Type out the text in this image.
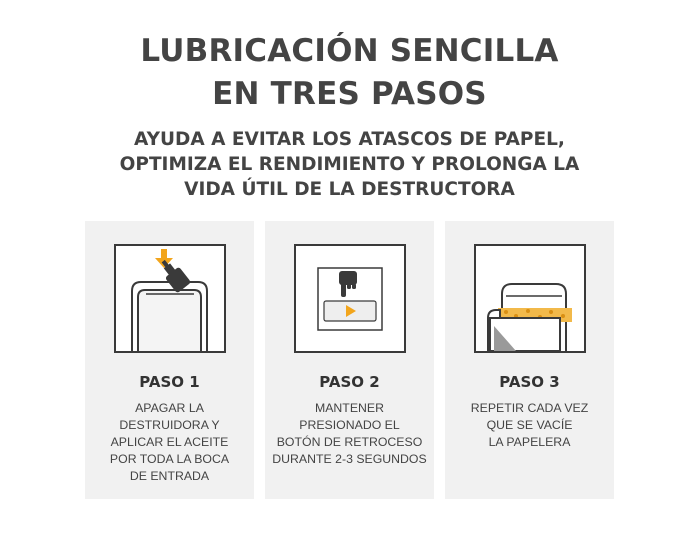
LUBRICACIÓN SENCILLA
EN TRES PASOS
AYUDA A EVITAR LOS ATASCOS DE PAPEL,
OPTIMIZA EL RENDIMIENTO Y PROLONGA LA
VIDA ÚTIL DE LA DESTRUCTORA
PASO 1
APAGAR LA
DESTRUIDORA Y
APLICAR EL ACEITE
POR TODA LA BOCA
DE ENTRADA
PASO 2
MANTENER
PRESIONADO EL
BOTÓN DE RETROCESO
DURANTE 2-3 SEGUNDOS
PASO 3
REPETIR CADA VEZ
QUE SE VACÍE
LA PAPELERA
